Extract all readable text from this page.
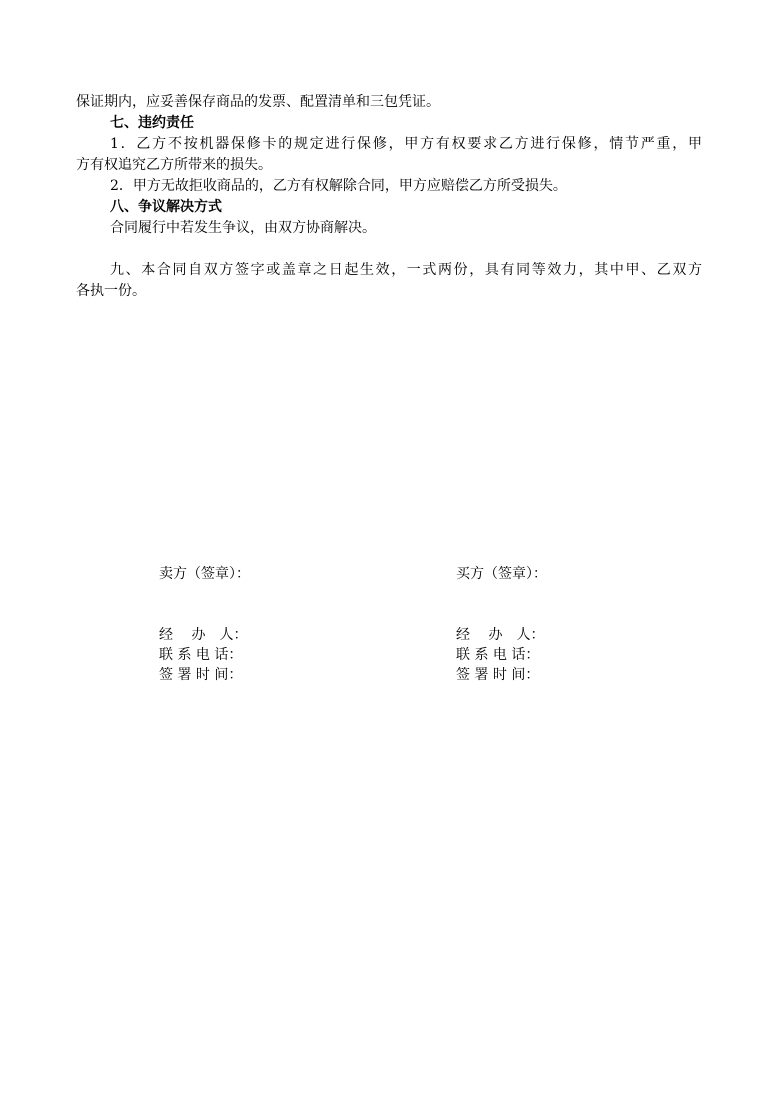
保证期内，应妥善保存商品的发票、配置清单和三包凭证。
七、违约责任
1．乙方不按机器保修卡的规定进行保修，甲方有权要求乙方进行保修，情节严重，甲
方有权追究乙方所带来的损失。
2．甲方无故拒收商品的，乙方有权解除合同，甲方应赔偿乙方所受损失。
八、争议解决方式
合同履行中若发生争议，由双方协商解决。
九、本合同自双方签字或盖章之日起生效，一式两份，具有同等效力，其中甲、乙双方
各执一份。
卖方（签章）：	买方（签章）：
经　 办　人：	经　 办　人：
联 系 电 话：	联 系 电 话：
签 署 时 间：	签 署 时 间：
